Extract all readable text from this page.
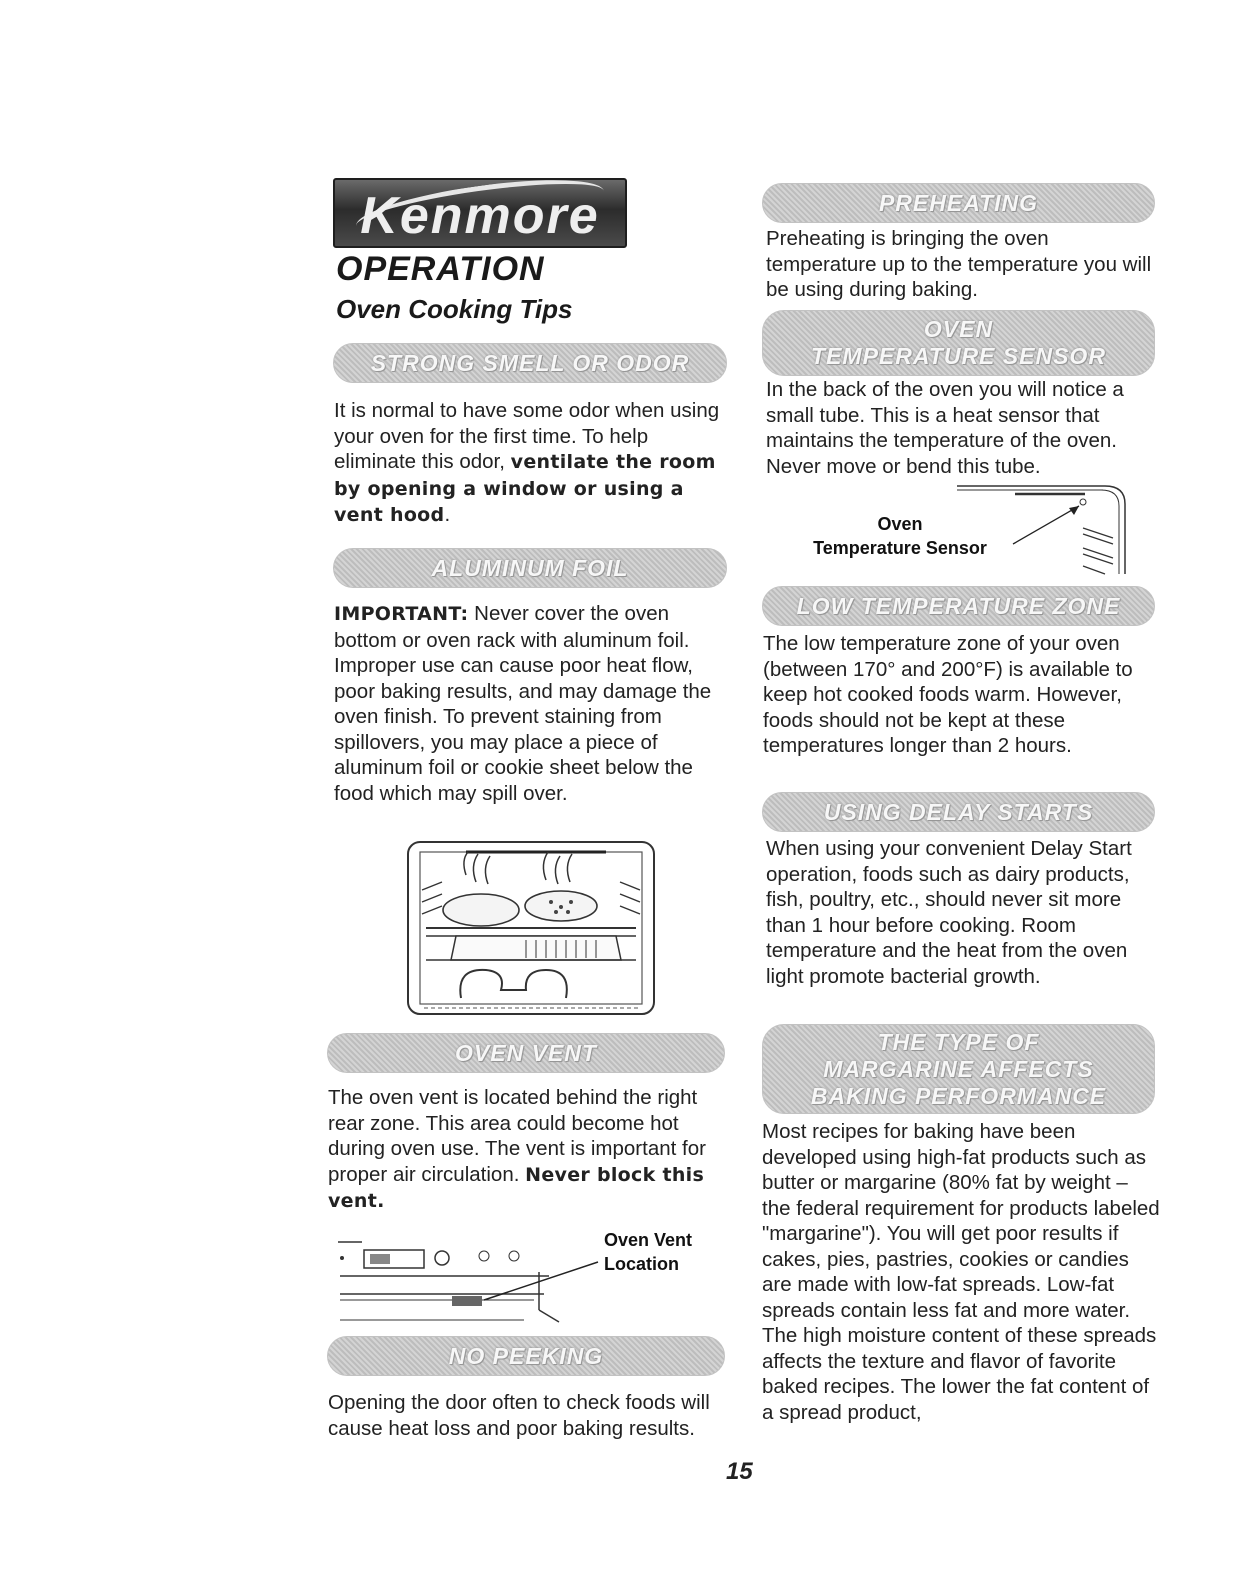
Kenmore
OPERATION
Oven Cooking Tips
STRONG SMELL OR ODOR
It is normal to have some odor when using your oven for the first time. To help eliminate this odor, ventilate the room by opening a window or using a vent hood.
ALUMINUM FOIL
IMPORTANT: Never cover the oven bottom or oven rack with aluminum foil. Improper use can cause poor heat flow, poor baking results, and may damage the oven finish. To prevent staining from spillovers, you may place a piece of aluminum foil or cookie sheet below the food which may spill over.
OVEN VENT
The oven vent is located behind the right rear zone. This area could become hot during oven use. The vent is important for proper air circulation. Never block this vent.
Oven Vent
Location
NO PEEKING
Opening the door often to check foods will cause heat loss and poor baking results.
PREHEATING
Preheating is bringing the oven temperature up to the temperature you will be using during baking.
OVEN
TEMPERATURE SENSOR
In the back of the oven you will notice a small tube. This is a heat sensor that maintains the temperature of the oven. Never move or bend this tube.
Oven
Temperature Sensor
LOW TEMPERATURE ZONE
The low temperature zone of your oven (between 170° and 200°F) is available to keep hot cooked foods warm. However, foods should not be kept at these temperatures longer than 2 hours.
USING DELAY STARTS
When using your convenient Delay Start operation, foods such as dairy products, fish, poultry, etc., should never sit more than 1 hour before cooking. Room temperature and the heat from the oven light promote bacterial growth.
THE TYPE OF
MARGARINE AFFECTS
BAKING PERFORMANCE
Most recipes for baking have been developed using high-fat products such as butter or margarine (80% fat by weight – the federal requirement for products labeled "margarine"). You will get poor results if cakes, pies, pastries, cookies or candies are made with low-fat spreads. Low-fat spreads contain less fat and more water. The high moisture content of these spreads affects the texture and flavor of favorite baked recipes. The lower the fat content of a spread product,
15
